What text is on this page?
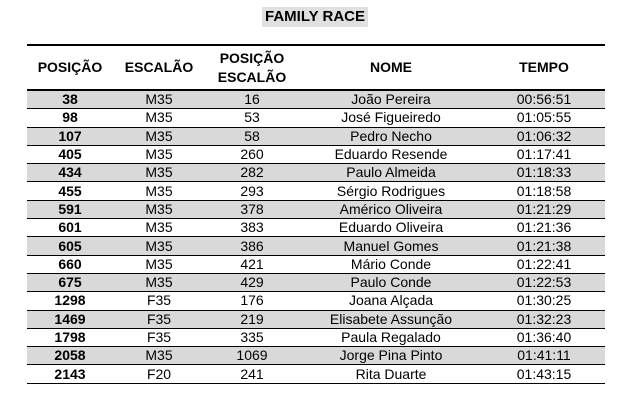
FAMILY RACE
POSIÇÃO	ESCALÃO	POSIÇÃO ESCALÃO	NOME	TEMPO
38	M35	16	João Pereira	00:56:51
98	M35	53	José Figueiredo	01:05:55
107	M35	58	Pedro Necho	01:06:32
405	M35	260	Eduardo Resende	01:17:41
434	M35	282	Paulo Almeida	01:18:33
455	M35	293	Sérgio Rodrigues	01:18:58
591	M35	378	Américo Oliveira	01:21:29
601	M35	383	Eduardo Oliveira	01:21:36
605	M35	386	Manuel Gomes	01:21:38
660	M35	421	Mário Conde	01:22:41
675	M35	429	Paulo Conde	01:22:53
1298	F35	176	Joana Alçada	01:30:25
1469	F35	219	Elisabete Assunção	01:32:23
1798	F35	335	Paula Regalado	01:36:40
2058	M35	1069	Jorge Pina Pinto	01:41:11
2143	F20	241	Rita Duarte	01:43:15
